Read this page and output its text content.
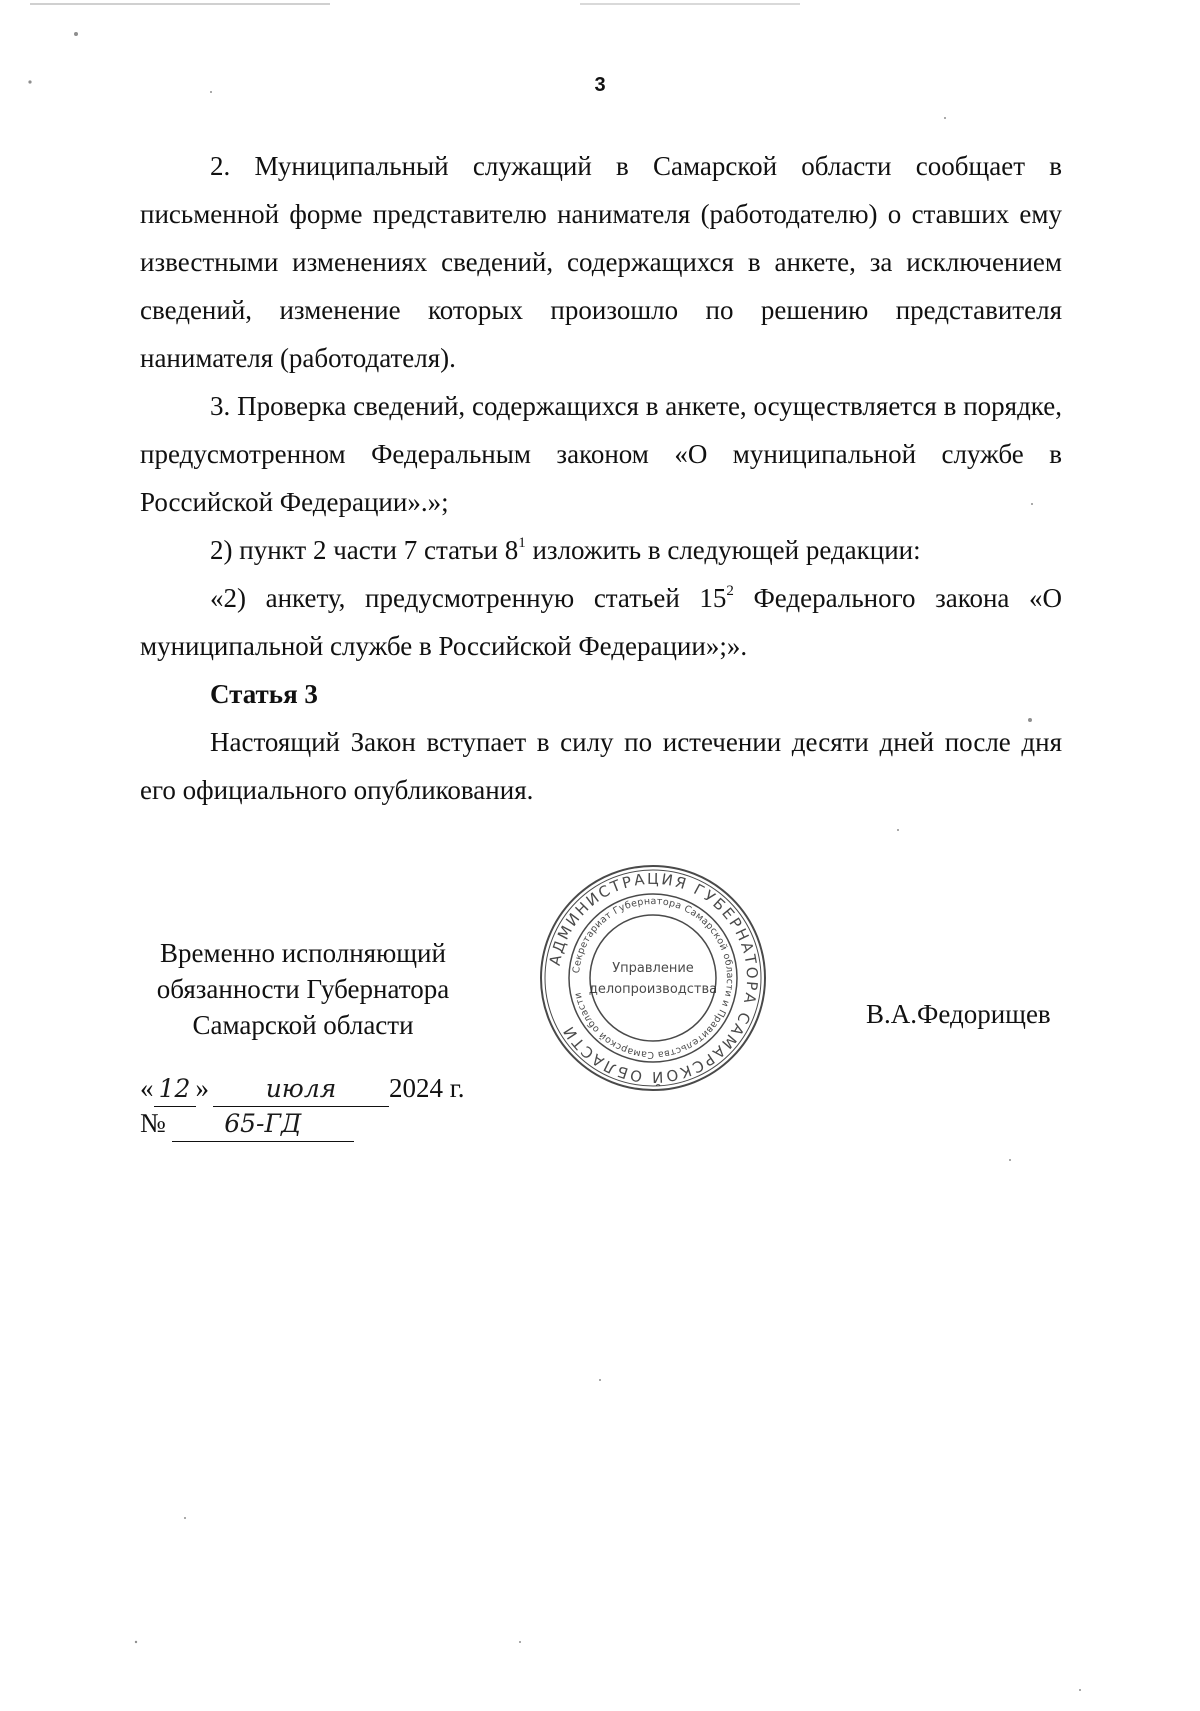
3

2. Муниципальный служащий в Самарской области сообщает в письменной форме представителю нанимателя (работодателю) о ставших ему известными изменениях сведений, содержащихся в анкете, за исключением сведений, изменение которых произошло по решению представителя нанимателя (работодателя).

3. Проверка сведений, содержащихся в анкете, осуществляется в порядке, предусмотренном Федеральным законом «О муниципальной службе в Российской Федерации».»;

2) пункт 2 части 7 статьи $8^1$ изложить в следующей редакции:

«2) анкету, предусмотренную статьей $15^2$ Федерального закона «О муниципальной службе в Российской Федерации»;».

Статья 3

Настоящий Закон вступает в силу по истечении десяти дней после дня его официального опубликования.

Временно исполняющий
обязанности Губернатора
Самарской области
АДМИНИСТРАЦИЯ ГУБЕРНАТОРА САМАРСКОЙ ОБЛАСТИ
Секретариат Губернатора Самарской области и Правительства Самарской области
Управление
делопроизводства
В.А.Федорищев
« 12 » июля 2024 г.
№ 65-ГД
